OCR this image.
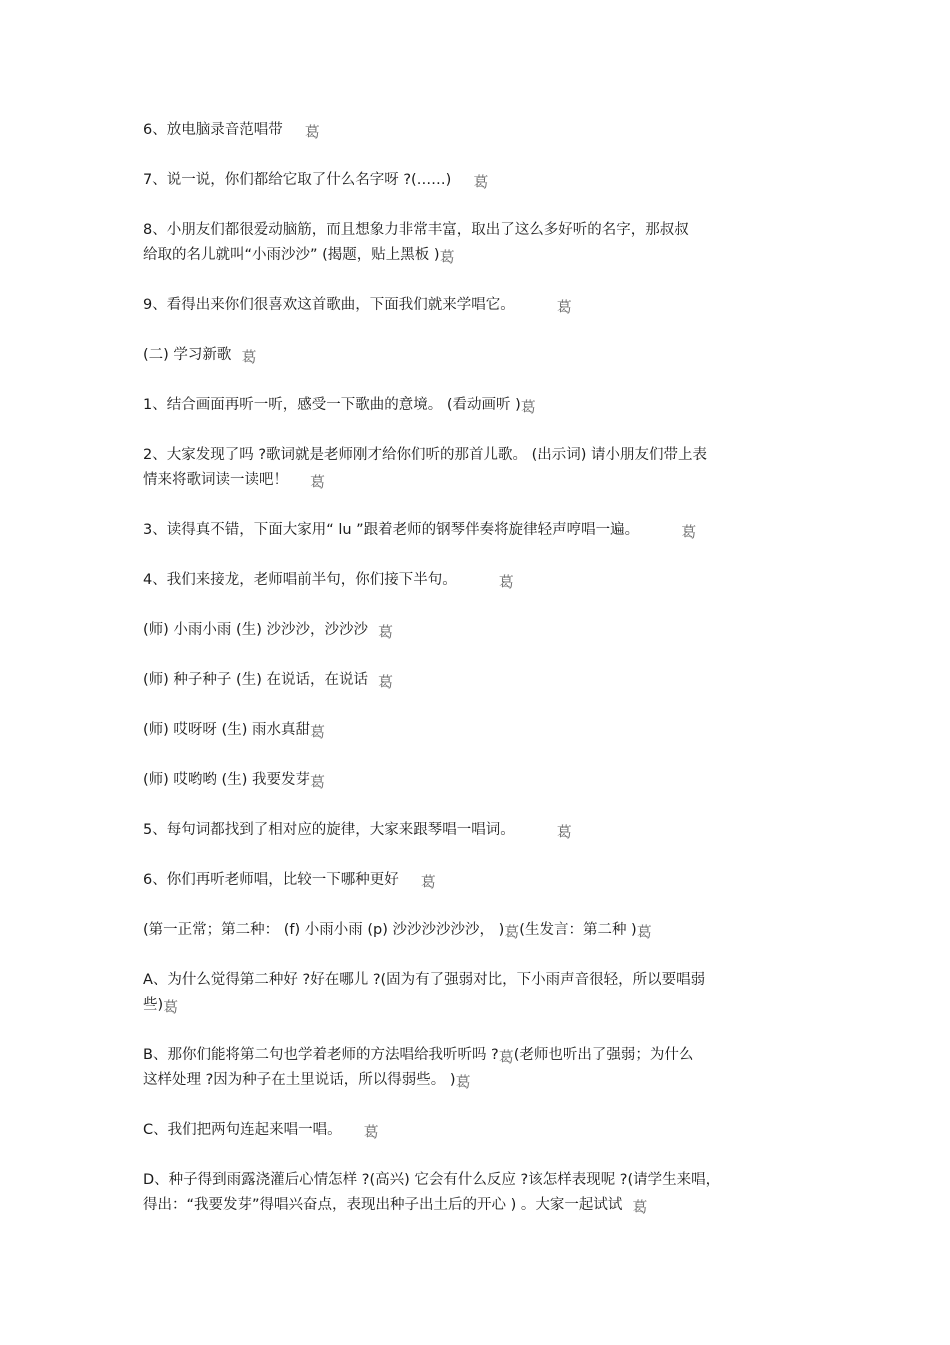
6、放电脑录音范唱带 葛
7、说一说，你们都给它取了什么名字呀 ?(……) 葛
8、小朋友们都很爱动脑筋，而且想象力非常丰富，取出了这么多好听的名字，那叔叔
给取的名儿就叫“小雨沙沙” (揭题，贴上黑板 )葛
9、看得出来你们很喜欢这首歌曲，下面我们就来学唱它。	葛
(二) 学习新歌 葛
1、结合画面再听一听，感受一下歌曲的意境。 (看动画听 )葛
2、大家发现了吗 ?歌词就是老师刚才给你们听的那首儿歌。 (出示词) 请小朋友们带上表
情来将歌词读一读吧！ 葛
3、读得真不错，下面大家用“ lu ”跟着老师的钢琴伴奏将旋律轻声哼唱一遍。	葛
4、我们来接龙，老师唱前半句，你们接下半句。	葛
(师) 小雨小雨 (生) 沙沙沙，沙沙沙 葛
(师) 种子种子 (生) 在说话，在说话 葛
(师) 哎呀呀 (生) 雨水真甜葛
(师) 哎哟哟 (生) 我要发芽葛
5、每句词都找到了相对应的旋律，大家来跟琴唱一唱词。	葛
6、你们再听老师唱，比较一下哪种更好 葛
(第一正常；第二种： (f) 小雨小雨 (p) 沙沙沙沙沙沙， )葛(生发言：第二种 )葛
A、为什么觉得第二种好 ?好在哪儿 ?(固为有了强弱对比，下小雨声音很轻，所以要唱弱
些)葛
B、那你们能将第二句也学着老师的方法唱给我听听吗 ?葛(老师也听出了强弱；为什么
这样处理 ?因为种子在土里说话，所以得弱些。 )葛
C、我们把两句连起来唱一唱。 葛
D、种子得到雨露浇灌后心情怎样 ?(高兴) 它会有什么反应 ?该怎样表现呢 ?(请学生来唱，
得出：“我要发芽”得唱兴奋点，表现出种子出土后的开心 ) 。大家一起试试 葛
